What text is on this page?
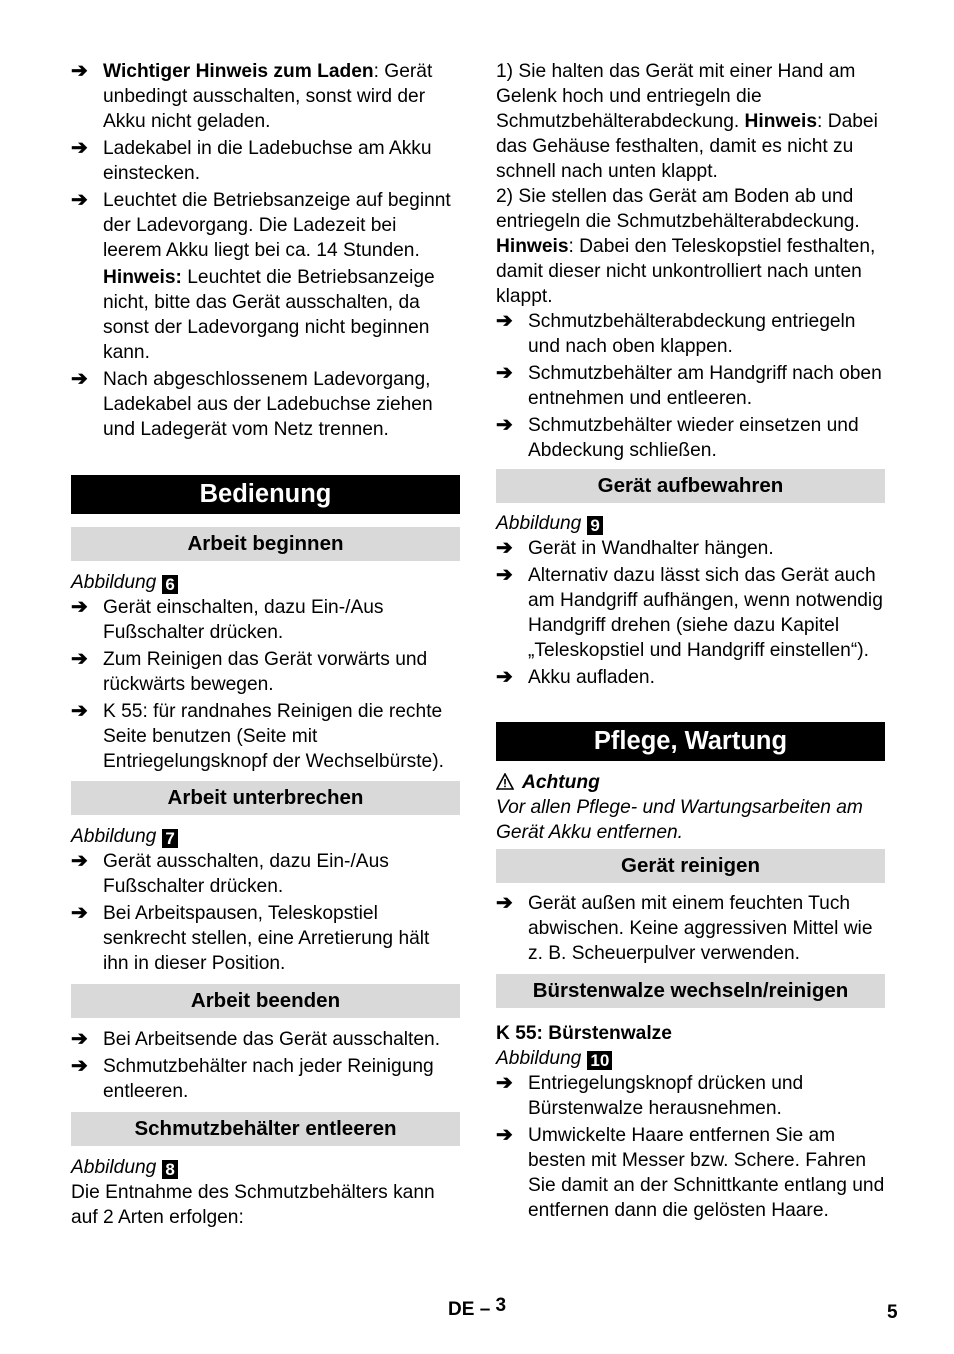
➔ Wichtiger Hinweis zum Laden: Gerät unbedingt ausschalten, sonst wird der Akku nicht geladen.
➔ Ladekabel in die Ladebuchse am Akku einstecken.
➔ Leuchtet die Betriebsanzeige auf beginnt der Ladevorgang. Die Ladezeit bei leerem Akku liegt bei ca. 14 Stunden.

Hinweis: Leuchtet die Betriebsanzeige nicht, bitte das Gerät ausschalten, da sonst der Ladevorgang nicht beginnen kann.

➔ Nach abgeschlossenem Ladevorgang, Ladekabel aus der Ladebuchse ziehen und Ladegerät vom Netz trennen.
Bedienung
Arbeit beginnen

Abbildung 6

➔ Gerät einschalten, dazu Ein-/Aus Fußschalter drücken.
➔ Zum Reinigen das Gerät vorwärts und rückwärts bewegen.
➔ K 55: für randnahes Reinigen die rechte Seite benutzen (Seite mit Entriegelungsknopf der Wechselbürste).
Arbeit unterbrechen

Abbildung 7

➔ Gerät ausschalten, dazu Ein-/Aus Fußschalter drücken.
➔ Bei Arbeitspausen, Teleskopstiel senkrecht stellen, eine Arretierung hält ihn in dieser Position.
Arbeit beenden
➔ Bei Arbeitsende das Gerät ausschalten.
➔ Schmutzbehälter nach jeder Reinigung entleeren.
Schmutzbehälter entleeren

Abbildung 8

Die Entnahme des Schmutzbehälters kann auf 2 Arten erfolgen:

1) Sie halten das Gerät mit einer Hand am Gelenk hoch und entriegeln die Schmutzbehälterabdeckung. Hinweis: Dabei das Gehäuse festhalten, damit es nicht zu schnell nach unten klappt.

2) Sie stellen das Gerät am Boden ab und entriegeln die Schmutzbehälterabdeckung.

Hinweis: Dabei den Teleskopstiel festhalten, damit dieser nicht unkontrolliert nach unten klappt.

➔ Schmutzbehälterabdeckung entriegeln und nach oben klappen.
➔ Schmutzbehälter am Handgriff nach oben entnehmen und entleeren.
➔ Schmutzbehälter wieder einsetzen und Abdeckung schließen.
Gerät aufbewahren

Abbildung 9

➔ Gerät in Wandhalter hängen.
➔ Alternativ dazu lässt sich das Gerät auch am Handgriff aufhängen, wenn notwendig Handgriff drehen (siehe dazu Kapitel „Teleskopstiel und Handgriff einstellen“).
➔ Akku aufladen.
Pflege, Wartung

Achtung

Vor allen Pflege- und Wartungsarbeiten am Gerät Akku entfernen.

Gerät reinigen
➔ Gerät außen mit einem feuchten Tuch abwischen. Keine aggressiven Mittel wie z. B. Scheuerpulver verwenden.
Bürstenwalze wechseln/reinigen

K 55: Bürstenwalze

Abbildung 10

➔ Entriegelungsknopf drücken und Bürstenwalze herausnehmen.
➔ Umwickelte Haare entfernen Sie am besten mit Messer bzw. Schere. Fahren Sie damit an der Schnittkante entlang und entfernen dann die gelösten Haare.
DE – 3	5
